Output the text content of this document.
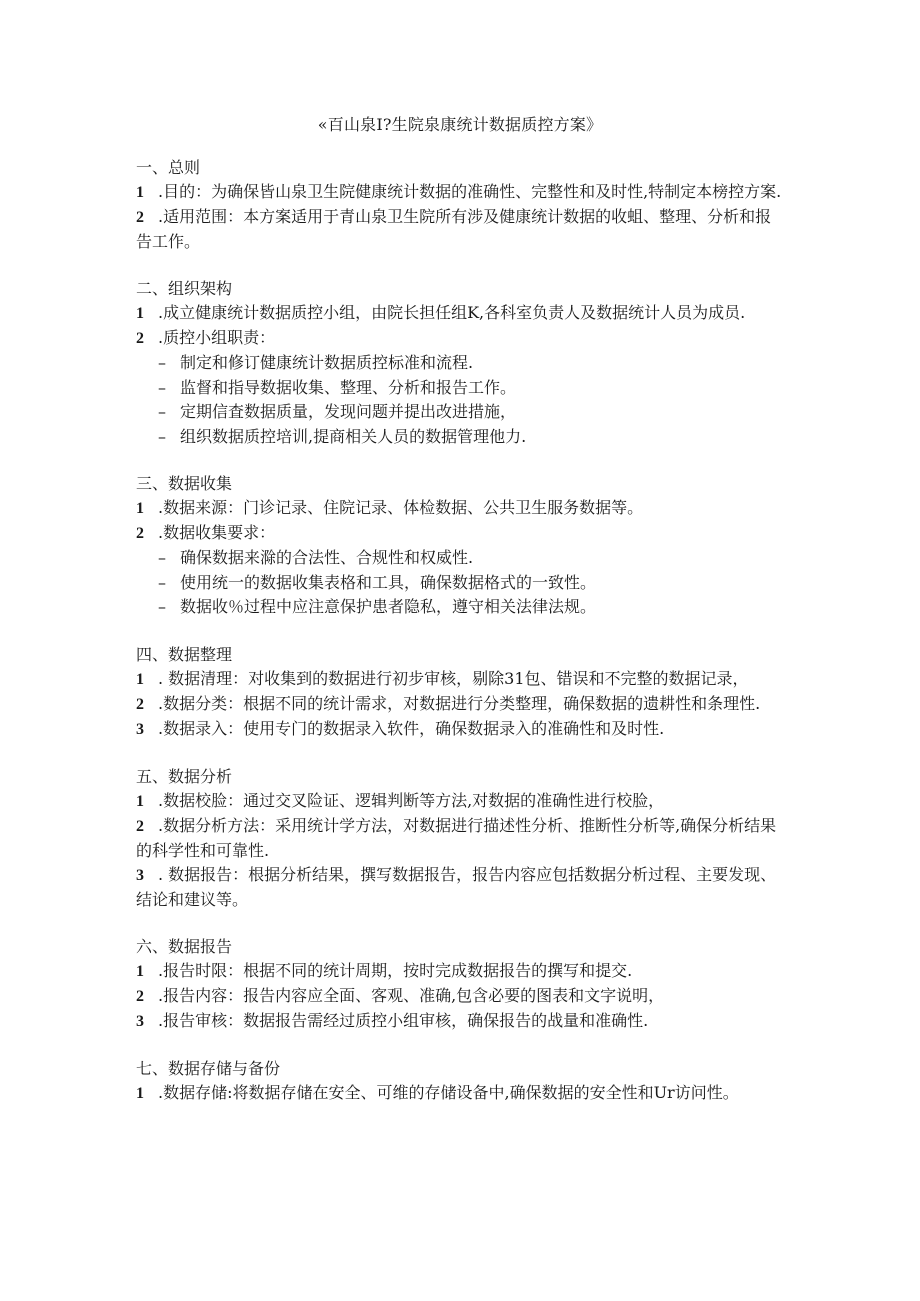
«百山泉I?生院泉康统计数据质控方案》
一、总则
1 .目的：为确保皆山泉卫生院健康统计数据的准确性、完整性和及时性,特制定本榜控方案.
2 .适用范围：本方案适用于青山泉卫生院所有涉及健康统计数据的收蛆、整理、分析和报告工作。
二、组织架构
1 .成立健康统计数据质控小组，由院长担任组K,各科室负责人及数据统计人员为成员.
2 .质控小组职责：
– 制定和修订健康统计数据质控标准和流程.
– 监督和指导数据收集、整理、分析和报告工作。
– 定期信査数据质量，发现问题并提出改进措施，
– 组织数据质控培训,提商相关人员的数据管理他力.
三、数据收集
1 .数据来源：门诊记录、住院记录、体检数据、公共卫生服务数据等。
2 .数据收集要求：
– 确保数据来滁的合法性、合规性和权威性.
– 使用统一的数据收集表格和工具，确保数据格式的一致性。
– 数据收％过程中应注意保护患者隐私，遵守相关法律法规。
四、数据整理
1 . 数据清理：对收集到的数据进行初步审核，剔除31包、错误和不完整的数据记录，
2 .数据分类：根据不同的统计需求，对数据进行分类整理，确保数据的遗耕性和条理性.
3 .数据录入：使用专门的数据录入软件，确保数据录入的准确性和及时性.
五、数据分析
1 .数据校脸：通过交叉险证、逻辑判断等方法,对数据的准确性进行校脸，
2 .数据分析方法：采用统计学方法，对数据进行描述性分析、推断性分析等,确保分析结果的科学性和可靠性.
3 . 数据报告：根据分析结果，撰写数据报告，报告内容应包括数据分析过程、主要发现、结论和建议等。
六、数据报告
1 .报告时限：根据不同的统计周期，按时完成数据报告的撰写和提交.
2 .报告内容：报告内容应全面、客观、准确,包含必要的图表和文字说明，
3 .报告审核：数据报告需经过质控小组审核，确保报告的战量和准确性.
七、数据存储与备份
1 .数据存储:将数据存储在安全、可维的存储设备中,确保数据的安全性和Ur访问性。
